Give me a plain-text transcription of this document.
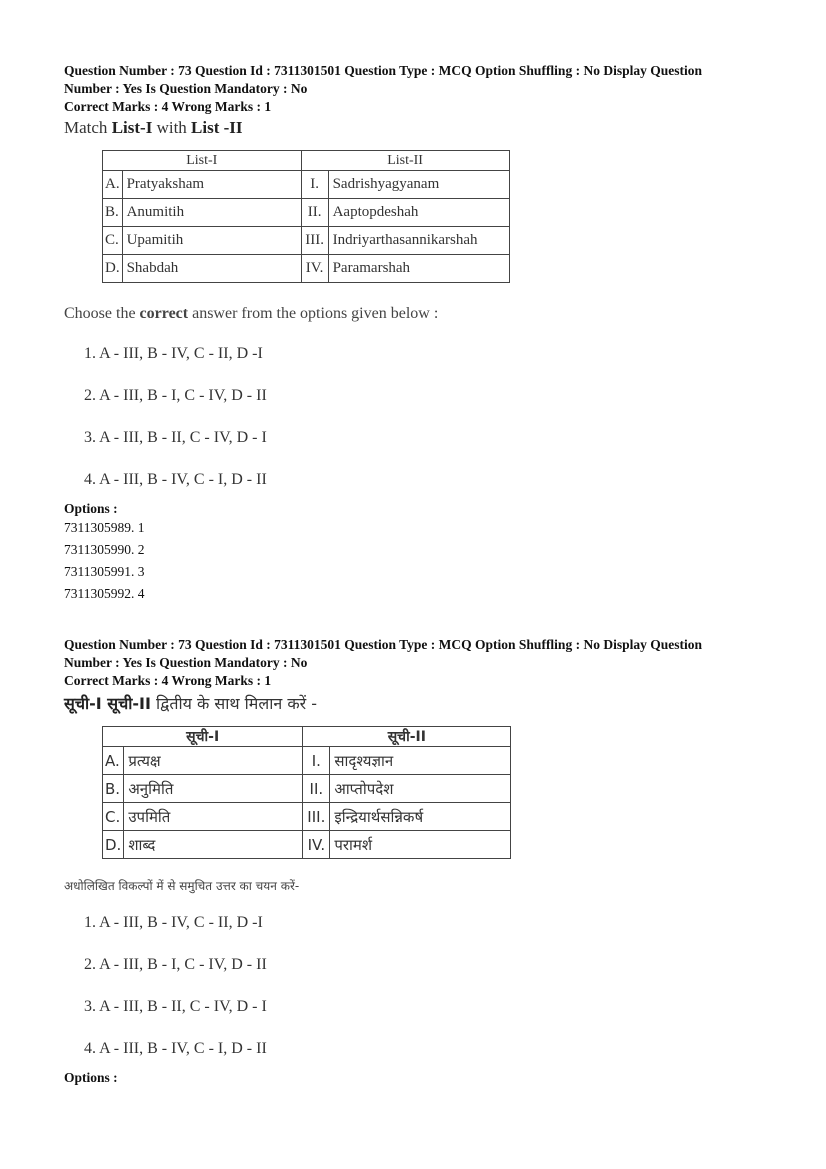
Question Number : 73 Question Id : 7311301501 Question Type : MCQ Option Shuffling : No Display Question
Number : Yes Is Question Mandatory : No
Correct Marks : 4 Wrong Marks : 1
Match List-I with List -II
List-I		List-II	
A.	Pratyaksham	I.	Sadrishyagyanam
B.	Anumitih	II.	Aaptopdeshah
C.	Upamitih	III.	Indriyarthasannikarshah
D.	Shabdah	IV.	Paramarshah
Choose the correct answer from the options given below :
1. A - III, B - IV, C - II, D -I
2. A - III, B - I, C - IV, D - II
3. A - III, B - II, C - IV, D - I
4. A - III, B - IV, C - I, D - II
Options :
7311305989. 1
7311305990. 2
7311305991. 3
7311305992. 4
Question Number : 73 Question Id : 7311301501 Question Type : MCQ Option Shuffling : No Display Question
Number : Yes Is Question Mandatory : No
Correct Marks : 4 Wrong Marks : 1
सूची-I सूची-II द्वितीय के साथ मिलान करें -
सूची-I		सूची-II	
A.	प्रत्यक्ष	I.	सादृश्यज्ञान
B.	अनुमिति	II.	आप्तोपदेश
C.	उपमिति	III.	इन्द्रियार्थसन्निकर्ष
D.	शाब्द	IV.	परामर्श
अधोलिखित विकल्पों में से समुचित उत्तर का चयन करें-
1. A - III, B - IV, C - II, D -I
2. A - III, B - I, C - IV, D - II
3. A - III, B - II, C - IV, D - I
4. A - III, B - IV, C - I, D - II
Options :
